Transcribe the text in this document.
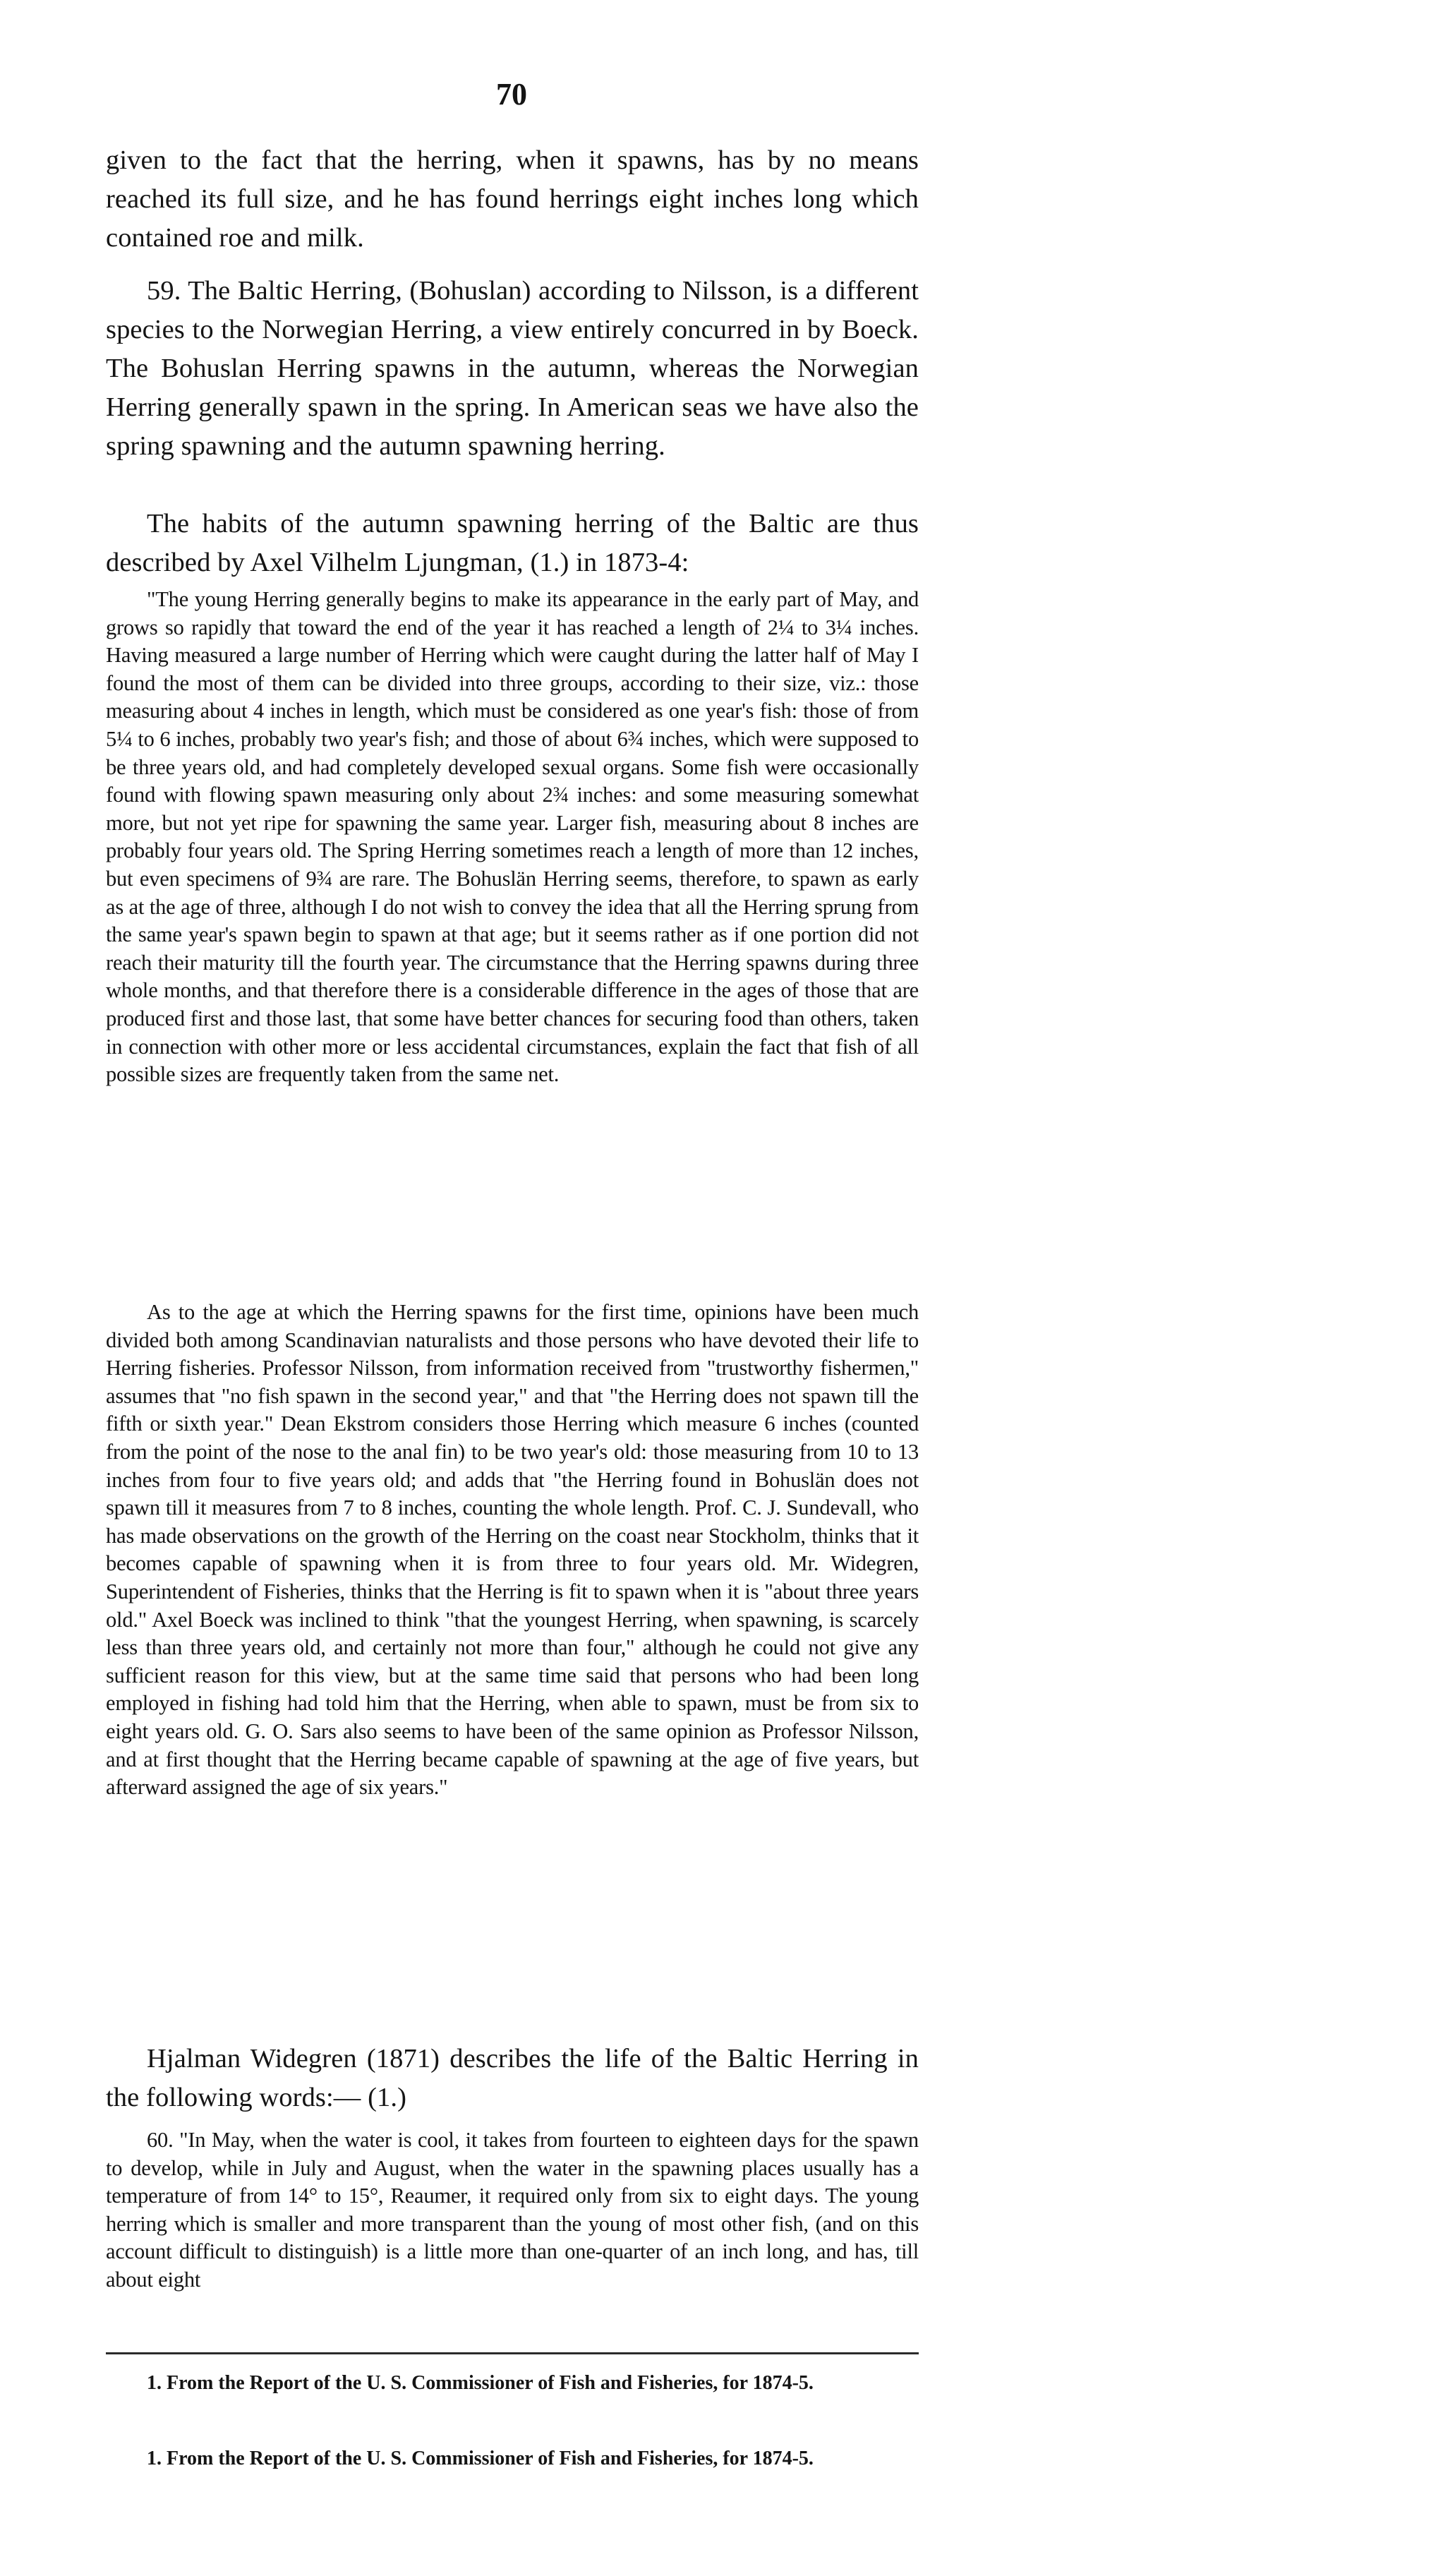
70

given to the fact that the herring, when it spawns, has by no means reached its full size, and he has found herrings eight inches long which contained roe and milk.

59. The Baltic Herring, (Bohuslan) according to Nilsson, is a different species to the Norwegian Herring, a view entirely concurred in by Boeck. The Bohuslan Herring spawns in the autumn, whereas the Norwegian Herring generally spawn in the spring. In American seas we have also the spring spawning and the autumn spawning herring.

The habits of the autumn spawning herring of the Baltic are thus described by Axel Vilhelm Ljungman, (1.) in 1873-4:

"The young Herring generally begins to make its appearance in the early part of May, and grows so rapidly that toward the end of the year it has reached a length of 2¼ to 3¼ inches. Having measured a large number of Herring which were caught during the latter half of May I found the most of them can be divided into three groups, according to their size, viz.: those measuring about 4 inches in length, which must be considered as one year's fish: those of from 5¼ to 6 inches, probably two year's fish; and those of about 6¾ inches, which were supposed to be three years old, and had completely developed sexual organs. Some fish were occasionally found with flowing spawn measuring only about 2¾ inches: and some measuring somewhat more, but not yet ripe for spawning the same year. Larger fish, measuring about 8 inches are probably four years old. The Spring Herring sometimes reach a length of more than 12 inches, but even specimens of 9¾ are rare. The Bohuslän Herring seems, therefore, to spawn as early as at the age of three, although I do not wish to convey the idea that all the Herring sprung from the same year's spawn begin to spawn at that age; but it seems rather as if one portion did not reach their maturity till the fourth year. The circumstance that the Herring spawns during three whole months, and that therefore there is a considerable difference in the ages of those that are produced first and those last, that some have better chances for securing food than others, taken in connection with other more or less accidental circumstances, explain the fact that fish of all possible sizes are frequently taken from the same net.

As to the age at which the Herring spawns for the first time, opinions have been much divided both among Scandinavian naturalists and those persons who have devoted their life to Herring fisheries. Professor Nilsson, from information received from "trustworthy fishermen," assumes that "no fish spawn in the second year," and that "the Herring does not spawn till the fifth or sixth year." Dean Ekstrom considers those Herring which measure 6 inches (counted from the point of the nose to the anal fin) to be two year's old: those measuring from 10 to 13 inches from four to five years old; and adds that "the Herring found in Bohuslän does not spawn till it measures from 7 to 8 inches, counting the whole length. Prof. C. J. Sundevall, who has made observations on the growth of the Herring on the coast near Stockholm, thinks that it becomes capable of spawning when it is from three to four years old. Mr. Widegren, Superintendent of Fisheries, thinks that the Herring is fit to spawn when it is "about three years old." Axel Boeck was inclined to think "that the youngest Herring, when spawning, is scarcely less than three years old, and certainly not more than four," although he could not give any sufficient reason for this view, but at the same time said that persons who had been long employed in fishing had told him that the Herring, when able to spawn, must be from six to eight years old. G. O. Sars also seems to have been of the same opinion as Professor Nilsson, and at first thought that the Herring became capable of spawning at the age of five years, but afterward assigned the age of six years."

Hjalman Widegren (1871) describes the life of the Baltic Herring in the following words:— (1.)

60. "In May, when the water is cool, it takes from fourteen to eighteen days for the spawn to develop, while in July and August, when the water in the spawning places usually has a temperature of from 14° to 15°, Reaumer, it required only from six to eight days. The young herring which is smaller and more transparent than the young of most other fish, (and on this account difficult to distinguish) is a little more than one-quarter of an inch long, and has, till about eight

1. From the Report of the U. S. Commissioner of Fish and Fisheries, for 1874-5.

1. From the Report of the U. S. Commissioner of Fish and Fisheries, for 1874-5.
